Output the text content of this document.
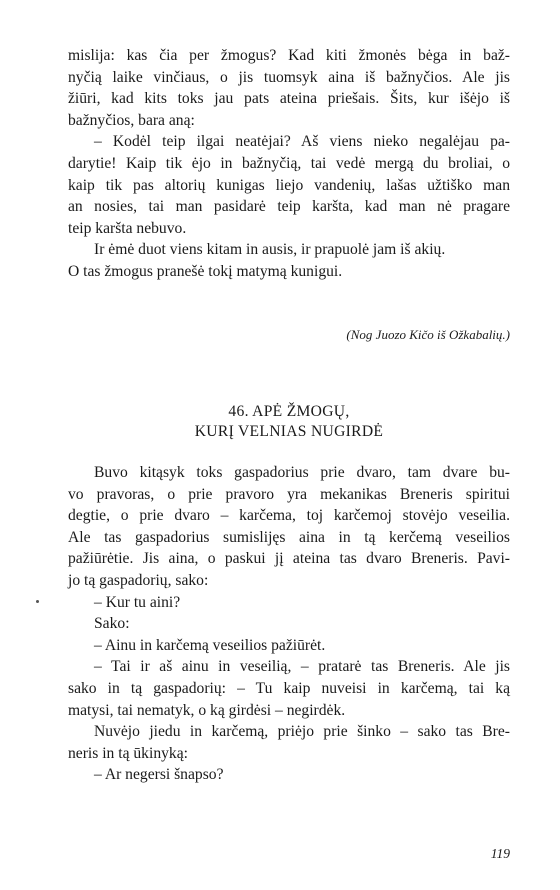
mislija: kas čia per žmogus? Kad kiti žmonės bėga in baž-
nyčią laike vinčiaus, o jis tuomsyk aina iš bažnyčios. Ale jis
žiūri, kad kits toks jau pats ateina priešais. Šits, kur išėjo iš
bažnyčios, bara aną:
– Kodėl teip ilgai neatėjai? Aš viens nieko negalėjau pa-
darytie! Kaip tik ėjo in bažnyčią, tai vedė mergą du broliai, o
kaip tik pas altorių kunigas liejo vandenių, lašas užtiško man
an nosies, tai man pasidarė teip karšta, kad man nė pragare
teip karšta nebuvo.
Ir ėmė duot viens kitam in ausis, ir prapuolė jam iš akių.
O tas žmogus pranešė tokį matymą kunigui.
(Nog Juozo Kičo iš Ožkabalių.)
46. APĖ ŽMOGŲ,
KURĮ VELNIAS NUGIRDĖ
Buvo kitąsyk toks gaspadorius prie dvaro, tam dvare bu-
vo pravoras, o prie pravoro yra mekanikas Breneris spiritui
degtie, o prie dvaro – karčema, toj karčemoj stovėjo veseilia.
Ale tas gaspadorius sumislijęs aina in tą kerčemą veseilios
pažiūrėtie. Jis aina, o paskui jį ateina tas dvaro Breneris. Pavi-
jo tą gaspadorių, sako:
– Kur tu aini?
Sako:
– Ainu in karčemą veseilios pažiūrėt.
– Tai ir aš ainu in veseilią, – pratarė tas Breneris. Ale jis
sako in tą gaspadorių: – Tu kaip nuveisi in karčemą, tai ką
matysi, tai nematyk, o ką girdėsi – negirdėk.
Nuvėjo jiedu in karčemą, priėjo prie šinko – sako tas Bre-
neris in tą ūkinyką:
– Ar negersi šnapso?
119
